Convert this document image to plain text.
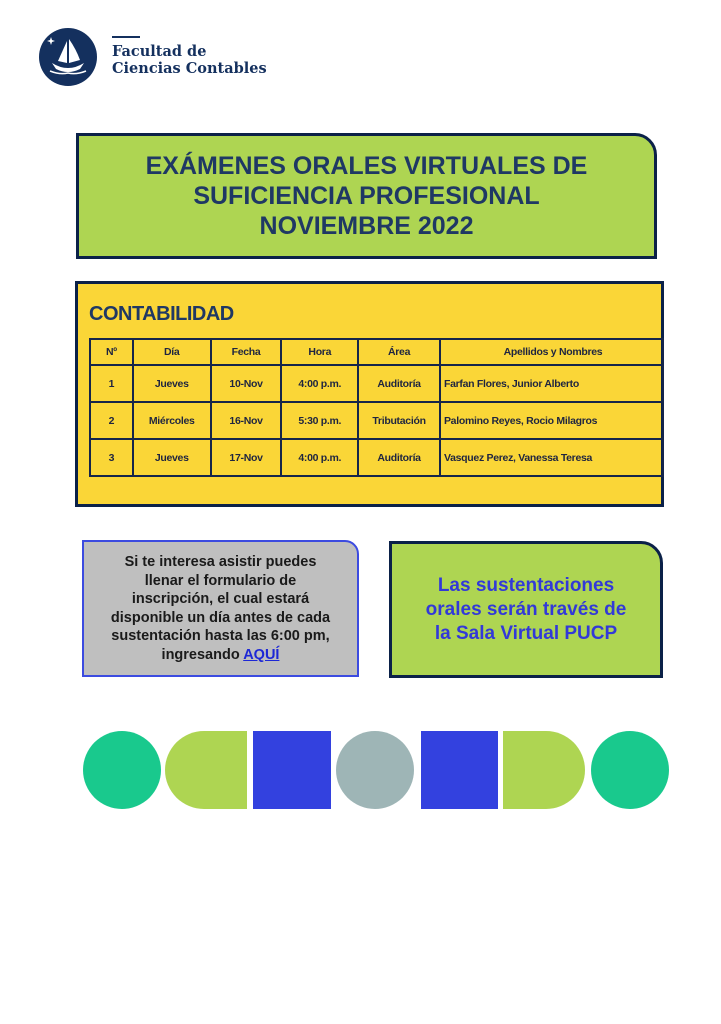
Facultad de
Ciencias Contables
EXÁMENES ORALES VIRTUALES DE
SUFICIENCIA PROFESIONAL
NOVIEMBRE 2022
CONTABILIDAD
Nº	Día	Fecha	Hora	Área	Apellidos y Nombres
1	Jueves	10-Nov	4:00 p.m.	Auditoría	Farfan Flores, Junior Alberto
2	Miércoles	16-Nov	5:30 p.m.	Tributación	Palomino Reyes, Rocio Milagros
3	Jueves	17-Nov	4:00 p.m.	Auditoría	Vasquez Perez, Vanessa Teresa

Si te interesa asistir puedes
llenar el formulario de
inscripción, el cual estará
disponible un día antes de cada
sustentación hasta las 6:00 pm,
ingresando AQUÍ

Las sustentaciones
orales serán través de
la Sala Virtual PUCP
